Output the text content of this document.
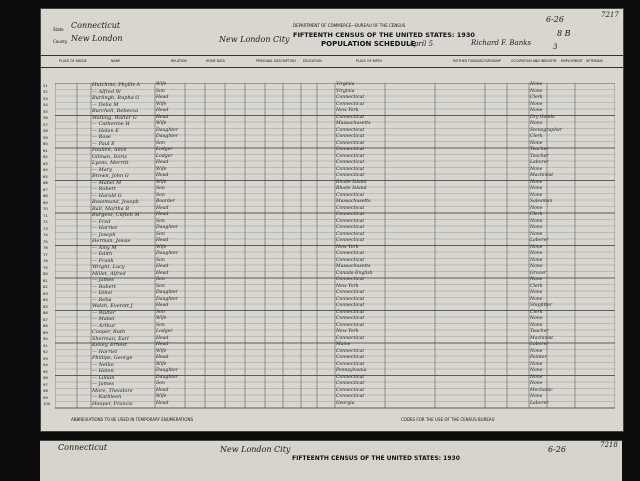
State Connecticut
County New London	New London City
DEPARTMENT OF COMMERCE—BUREAU OF THE CENSUS
FIFTEENTH CENSUS OF THE UNITED STATES: 1930
POPULATION SCHEDULE
April 5	Richard F. Banks
6-26
8 B
3
7217
PLACE OF ABODE	NAME	RELATION	HOME DATA	PERSONAL DESCRIPTION EDUCATION	PLACE OF BIRTH	MOTHER TONGUE CITIZENSHIP	OCCUPATION AND INDUSTRY EMPLOYMENT VETERANS
51	Hutchins, Phyllis A	Wife	Virginia	None
52	— Alfred W	Son	Virginia	None
53	Burlingh, Rupha G	Head	Connecticut	Clerk
54	— Delia M	Wife	Connecticut	None
55	Burchell, Rebecca	Head	New York	None
56	Watling, Walter G	Head	Connecticut	Dry Goods
57	— Catherine H	Wife	Massachusetts	None
58	— Helen E	Daughter	Connecticut	Stenographer
59	— Rose	Daughter	Connecticut	Clerk
60	— Paul E	Son	Connecticut	None
61	Paullen, Alice	Lodger	Connecticut	Teacher
62	Gilman, Doris	Lodger	Connecticut	Teacher
63	Lyons, Merritt	Head	Connecticut	Laborer
64	— Mary	Wife	Connecticut	None
65	Brown, John G	Head	Connecticut	Machinist
66	— Mabel M	Wife	Rhode Island	None
67	— Robert	Son	Rhode Island	None
68	— Harold G	Son	Connecticut	None
69	Rosemund, Joseph	Boarder	Massachusetts	Salesman
70	Ball, Martha B	Head	Connecticut	None
71	Burgess, Clifton M	Head	Connecticut	Clerk
72	— Fred	Son	Connecticut	None
73	— Harriet	Daughter	Connecticut	None
74	— Joseph	Son	Connecticut	None
75	Herman, Jessie	Head	Connecticut	Laborer
76	— Amy M	Wife	New York	None
77	— Edith	Daughter	Connecticut	None
78	— Frank	Son	Connecticut	None
79	Wright, Lucy	Head	Massachusetts	None
80	Millet, Alfred	Head	Canada-English	Grocer
81	— James	Son	Connecticut	None
82	— Robert	Son	New York	Clerk
83	— Ethel	Daughter	Connecticut	None
84	— Reba	Daughter	Connecticut	None
85	Walsh, Everett J	Head	Connecticut	Shipfitter
86	— Walter	Son	Connecticut	Clerk
87	— Mabel	Wife	Connecticut	None
88	— Arthur	Son	Connecticut	None
89	Cooper, Ruth	Lodger	New York	Teacher
90	Sherman, Earl	Head	Connecticut	Machinist
91	Kelley, Ernest	Head	Maine	Laborer
92	— Harriet	Wife	Connecticut	None
93	Phillips, George	Head	Connecticut	Painter
94	— Nellie	Wife	Connecticut	None
95	— Helen	Daughter	Pennsylvania	None
96	— Lillian	Daughter	Connecticut	None
97	— James	Son	Connecticut	None
98	More, Theodore	Head	Connecticut	Mechanic
99	— Kathleen	Wife	Connecticut	None
100	Hooper, Francis	Head	Georgia	Laborer
ABBREVIATIONS TO BE USED IN TEMPORARY ENUMERATIONS	CODES FOR THE USE OF THE CENSUS BUREAU
Connecticut	New London City
FIFTEENTH CENSUS OF THE UNITED STATES: 1930
6-26	7218
